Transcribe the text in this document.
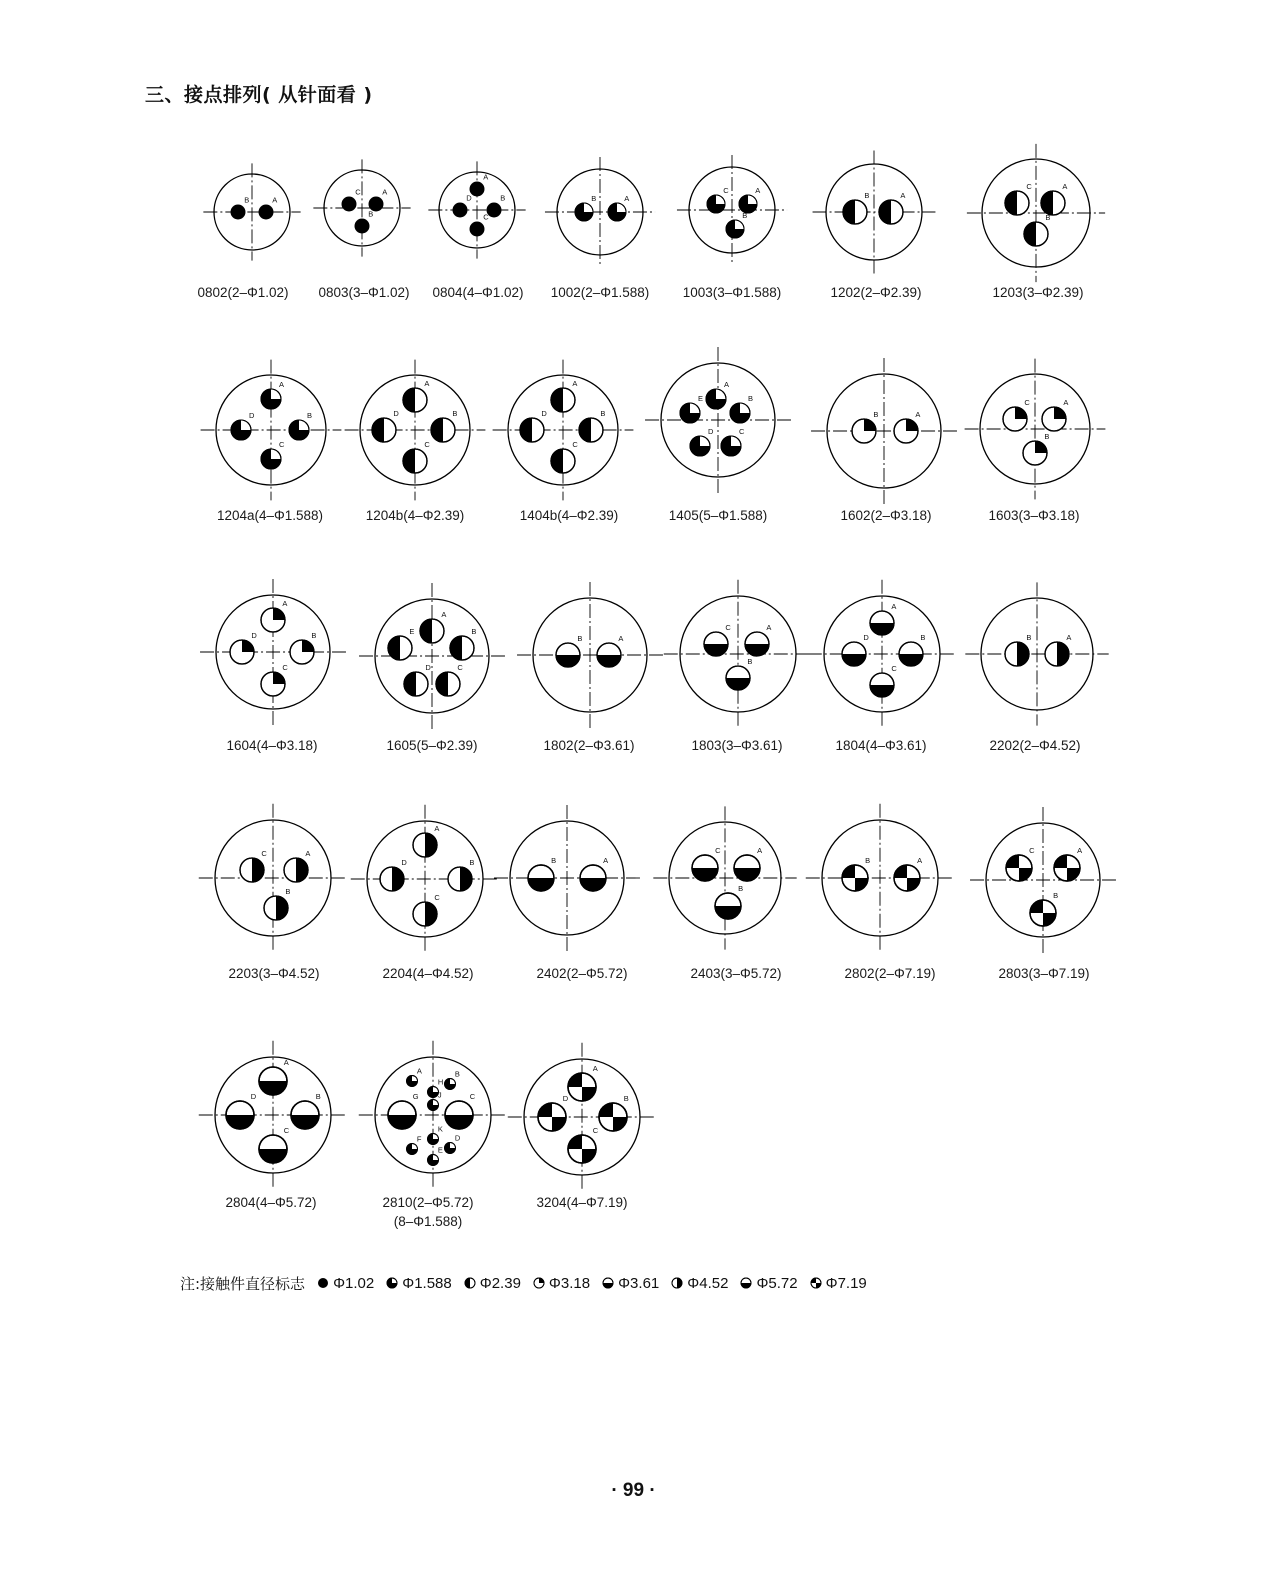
三、接点排列( 从针面看 )
B	A
0802(2–Φ1.02)
C	A
B
0803(3–Φ1.02)
A
D	B
C
0804(4–Φ1.02)
B	A
1002(2–Φ1.588)
C	A
B
1003(3–Φ1.588)
B	A
1202(2–Φ2.39)
C	A
B
1203(3–Φ2.39)
A
D	B
C
1204a(4–Φ1.588)
A
D	B
C
1204b(4–Φ2.39)
A
D	B
C
1404b(4–Φ2.39)
A
E	B
D	C
1405(5–Φ1.588)
B	A
1602(2–Φ3.18)
C	A
B
1603(3–Φ3.18)
A
D	B
C
1604(4–Φ3.18)
A
E	B
D	C
1605(5–Φ2.39)
B	A
1802(2–Φ3.61)
C	A
B
1803(3–Φ3.61)
A
D	B
C
1804(4–Φ3.61)
B	A
2202(2–Φ4.52)
C	A
B
2203(3–Φ4.52)
A
D	B
C
2204(4–Φ4.52)
B	A
2402(2–Φ5.72)
C	A
B
2403(3–Φ5.72)
B	A
2802(2–Φ7.19)
C	A
B
2803(3–Φ7.19)
A
D	B
C
2804(4–Φ5.72)
A	B
H
J
G	C
K
D
F
E
2810(2–Φ5.72)
(8–Φ1.588)
A
D	B
C
3204(4–Φ7.19)
注:接触件直径标志 Φ1.02 Φ1.588 Φ2.39 Φ3.18 Φ3.61 Φ4.52 Φ5.72 Φ7.19
· 99 ·
